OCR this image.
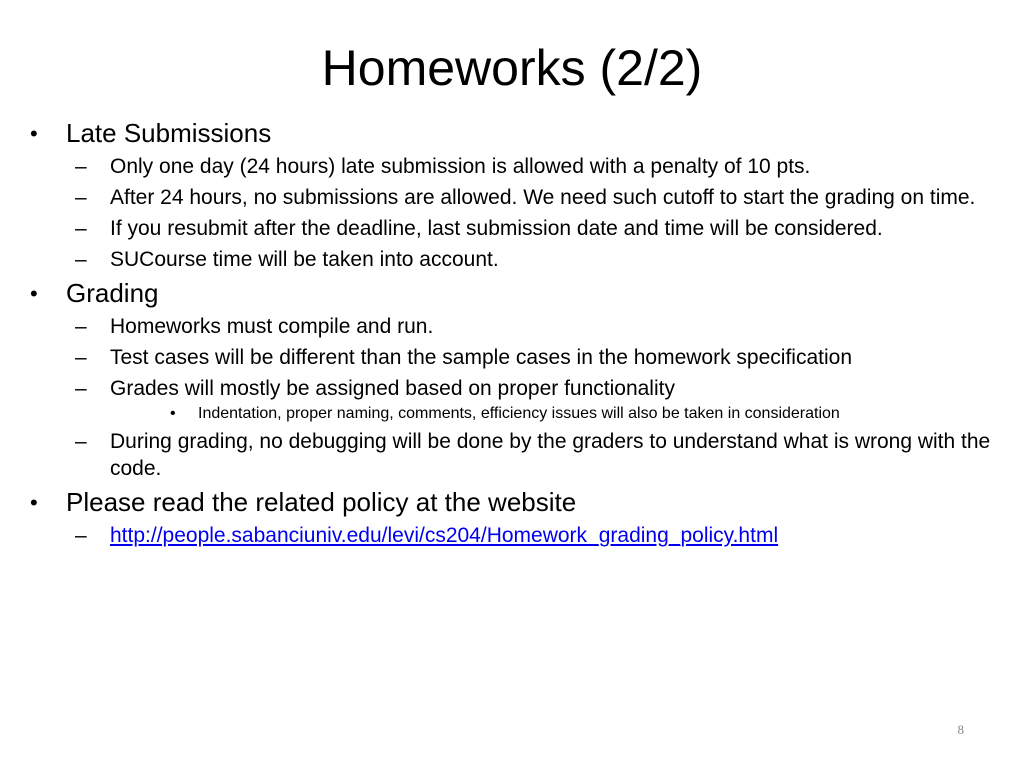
Homeworks (2/2)
• Late Submissions
– Only one day (24 hours) late submission is allowed with a penalty of 10 pts.
– After 24 hours, no submissions are allowed. We need such cutoff to start the grading on time.
– If you resubmit after the deadline, last submission date and time will be considered.
– SUCourse time will be taken into account.
• Grading
– Homeworks must compile and run.
– Test cases will be different than the sample cases in the homework specification
– Grades will mostly be assigned based on proper functionality
• Indentation, proper naming, comments, efficiency issues will also be taken in consideration
– During grading, no debugging will be done by the graders to understand what is wrong with the code.
• Please read the related policy at the website
– http://people.sabanciuniv.edu/levi/cs204/Homework_grading_policy.html
8
